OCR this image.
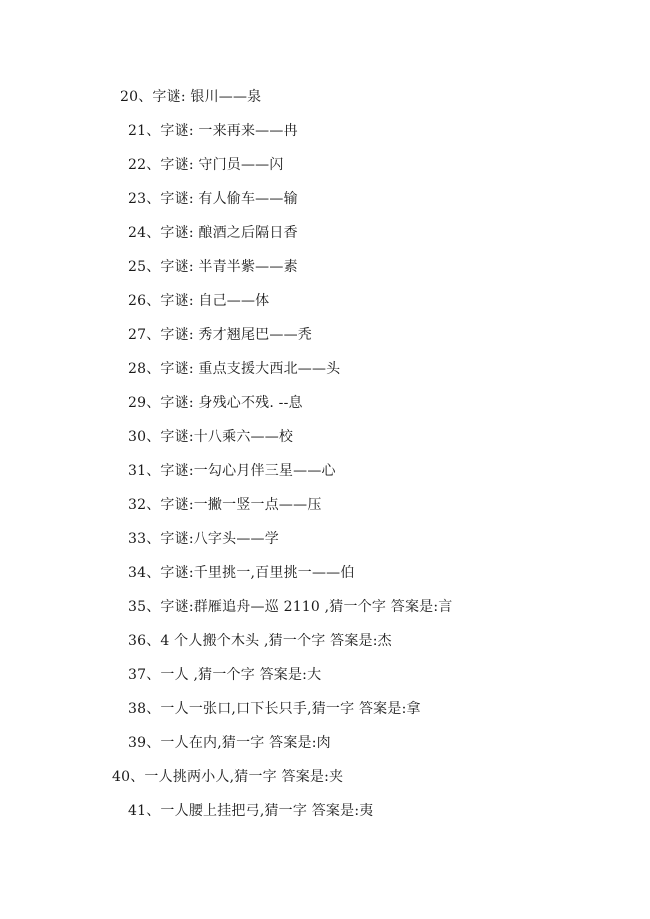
20、字谜: 银川——泉
21、字谜: 一来再来——冉
22、字谜: 守门员——闪
23、字谜: 有人偷车——输
24、字谜: 酿酒之后隔日香
25、字谜: 半青半紫——素
26、字谜: 自己——体
27、字谜: 秀才翘尾巴——秃
28、字谜: 重点支援大西北——头
29、字谜: 身残心不残. --息
30、字谜:十八乘六——校
31、字谜:一勾心月伴三星——心
32、字谜:一撇一竖一点——压
33、字谜:八字头——学
34、字谜:千里挑一,百里挑一——伯
35、字谜:群雁追舟—巡 2110 ,猜一个字 答案是:言
36、4 个人搬个木头 ,猜一个字 答案是:杰
37、一人 ,猜一个字 答案是:大
38、一人一张口,口下长只手,猜一字 答案是:拿
39、一人在内,猜一字 答案是:肉
40、一人挑两小人,猜一字 答案是:夹
41、一人腰上挂把弓,猜一字 答案是:夷
